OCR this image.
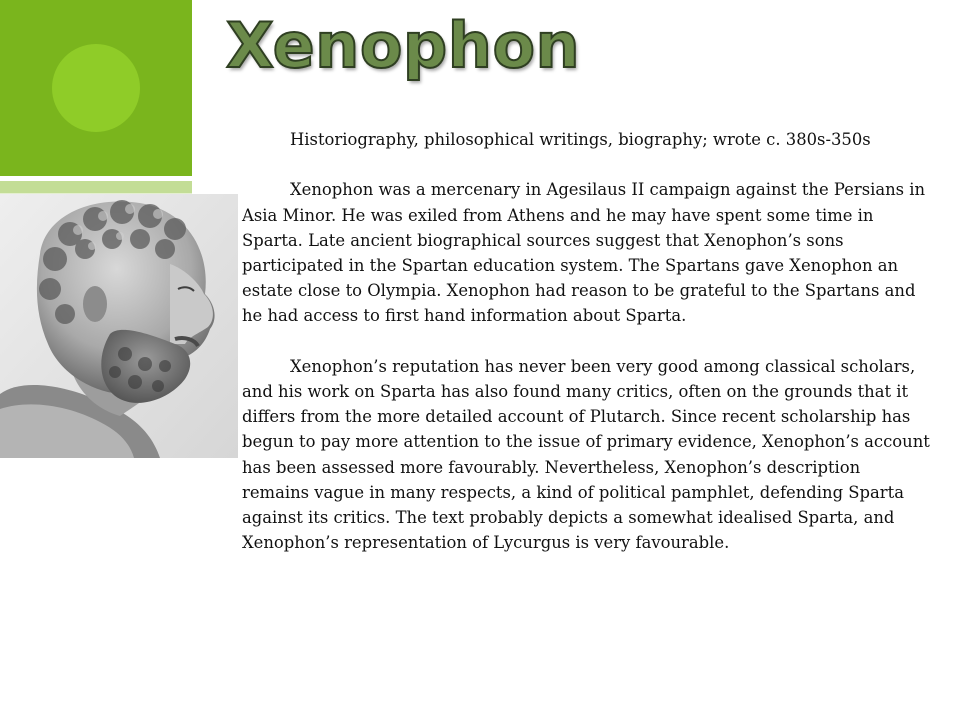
Xenophon

Historiography, philosophical writings, biography; wrote c. 380s-350s

Xenophon was a mercenary in Agesilaus II campaign against the Persians in Asia Minor. He was exiled from Athens and he may have spent some time in Sparta. Late ancient biographical sources suggest that Xenophon’s sons participated in the Spartan education system. The Spartans gave Xenophon an estate close to Olympia. Xenophon had reason to be grateful to the Spartans and he had access to first hand information about Sparta.

Xenophon’s reputation has never been very good among classical scholars, and his work on Sparta has also found many critics, often on the grounds that it differs from the more detailed account of Plutarch. Since recent scholarship has begun to pay more attention to the issue of primary evidence, Xenophon’s account has been assessed more favourably. Nevertheless, Xenophon’s description remains vague in many respects, a kind of political pamphlet, defending Sparta against its critics. The text probably depicts a somewhat idealised Sparta, and Xenophon’s representation of Lycurgus is very favourable.
